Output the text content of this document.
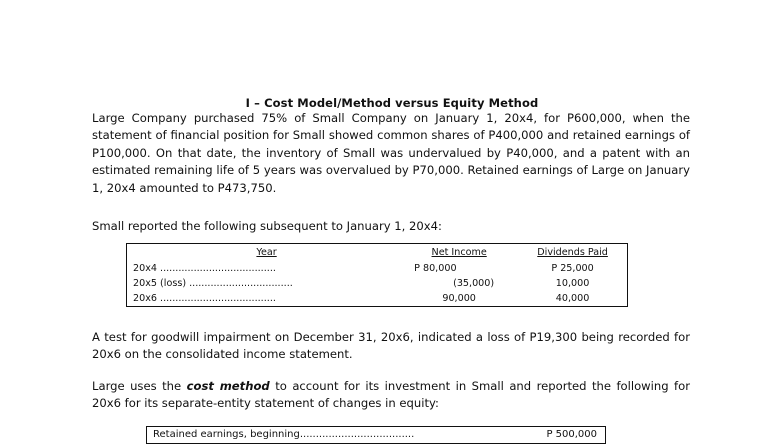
I – Cost Model/Method versus Equity Method
Large Company purchased 75% of Small Company on January 1, 20x4, for P600,000, when the statement of financial position for Small showed common shares of P400,000 and retained earnings of P100,000. On that date, the inventory of Small was undervalued by P40,000, and a patent with an estimated remaining life of 5 years was overvalued by P70,000. Retained earnings of Large on January 1, 20x4 amounted to P473,750.
Small reported the following subsequent to January 1, 20x4:
Year	Net Income	Dividends Paid
20x4 ......................................	P 80,000	P 25,000
20x5 (loss) ..................................	(35,000)	10,000
20x6 ......................................	90,000	40,000
A test for goodwill impairment on December 31, 20x6, indicated a loss of P19,300 being recorded for 20x6 on the consolidated income statement.
Large uses the cost method to account for its investment in Small and reported the following for 20x6 for its separate-entity statement of changes in equity:
Retained earnings, beginning....................................	P 500,000
